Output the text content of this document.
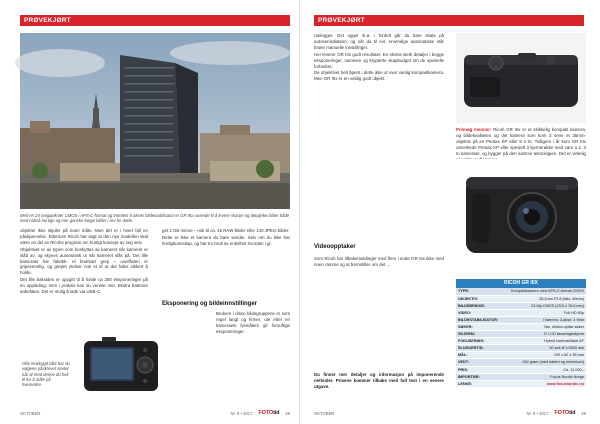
PRØVEKJØRT
Med en 24 megapiksler CMOS i APS-C-format og trinnløst 5-akses bildestabilisator er GR IIIx ruvende til å levere skarpe og detaljrike bilder både med nokså hurtige og mer ganske fange bilder i rev for dette.

objekter ikke skjuler på noen måte. Men det er i hvert fall en påskjønnelse. Ettersom Ricoh har sagt at den nye modellen skal være en del av Ricohs program om hurtigt konsept av seg selv.

Objektivet er av typen som konkyttes av kameret når kameret er slått av, og skyves automatisk ut når kameret slås på. Det lille kameraet har fabrikk- el brukbart grep – overflaten er gripevennlig, og grepet ytelser nok et til at det føles sikkert å holde.

Det lille baksiden er oppgitt til å holde ca 200 eksponeringer på en opplading, men i praksis kan du venete mer. Ekstra batterier anbefales. Det er mulig å lade via USB-C.

get 2 GB minne – nok til ca. 45 RAW-bilder eller 140 JPEG-bilder.

Dette er ikke et kamera du bare vender. Selv om du ikke har ferdigkunnskap, og har tro bruk av enkelhet hvordan i gr.

Eksponering og bildeinnstillinger

Brukere i disse bildegruppene er som regel langt og firmer, ute etter en kameraets lysmålere gir fornuftige eksponeringer.

Ofte innebygd blitz har du valgene påskrevet stedet når at med denne du helt til for å måle på hverandre.
OKTOBER	Nr. 8 • 2017 FOTOtid 28
PRØVEKJØRT

ranlegger. Det ugger ik.ø. i fordelt går du bare skala på autosenisitiatsen, og når du til evt. ervendige automatiske står bruke manuelle innstillinger.

Her leverer GR IIIx godt resultater. En ekstra sterk detaljer i begge eksponeringer, sammen og krypterte skapbudget om de spesielle forbedret.

De objektivet helt åpent i dette ikke ut over vanlig kompaktkamera. Men GR IIIx er en veldig godt objekt.

Videoopptaker

Som Ricoh har tilbakemeldinger med flere i ende GR IIIx ikke med noen ramme og at fremstilles om det ...

Du finner mer detaljer og informasjon på imponerende nettsider. Prisene kommer tilbake med full test i en senere utgave.

Prisnøg menner: Ricoh GR IIIx er et skikkelig kompakt kamera, og bildekvaliteten og det kamera som kom 3 serie et 35mm-objektiv på en Pentax KP eller K-1 III. Tidligere i år kom GR IIIx utmerkede Pentax KP eller spesielt 3 kjernerøkke med vare a 2, 3 to kameraer, og bygger på den samme teknologien. Det er virkelig
RICOH GR IIIX
TYPE:	Kompaktkamera med APS-C-format CMOS
OBJEKTIV:	26,1mm F2.8 (tilsv. 40mm)
BILDEBRIKKE:	24 Mp CMOS (23,5 x 15,6 mm)
VIDEO:	Full HD 60p
BILDESTABILISATOR:	I kamera, 3-akse, 4 trinn
SØKER:	Nei, ekstra optisk søker
SKJERM:	3" LCD berøringsskjerm
FOKUSERING:	Hybrid kontrast/fase-AF
SLUKKERTID:	30 sek til 1/4000 sek
MÅL:	109 x 62 x 35 mm
VEKT:	262 gram (med batteri og minnekort)
PRIS:	Ca. 11 000,-
IMPORTØR:	Focus Nordic Norge
LENKE:	www.focusnordic.no
OKTOBER	Nr. 8 • 2017 FOTOtid 29
